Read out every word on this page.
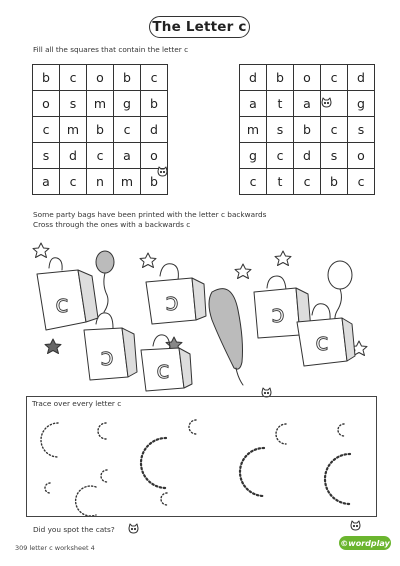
The Letter c
Fill all the squares that contain the letter c
b	c	o	b	c
o	s	m	g	b
c	m	b	c	d
s	d	c	a	o
a	c	n	m	b
d	b	o	c	d
a	t	a		g
m	s	b	c	s
g	c	d	s	o
c	t	c	b	c
Some party bags have been printed with the letter c backwards
Cross through the ones with a backwards c
c	c	c
c
c
c
Trace over every letter c
Did you spot the cats?
309 letter c worksheet 4
©wordplay
